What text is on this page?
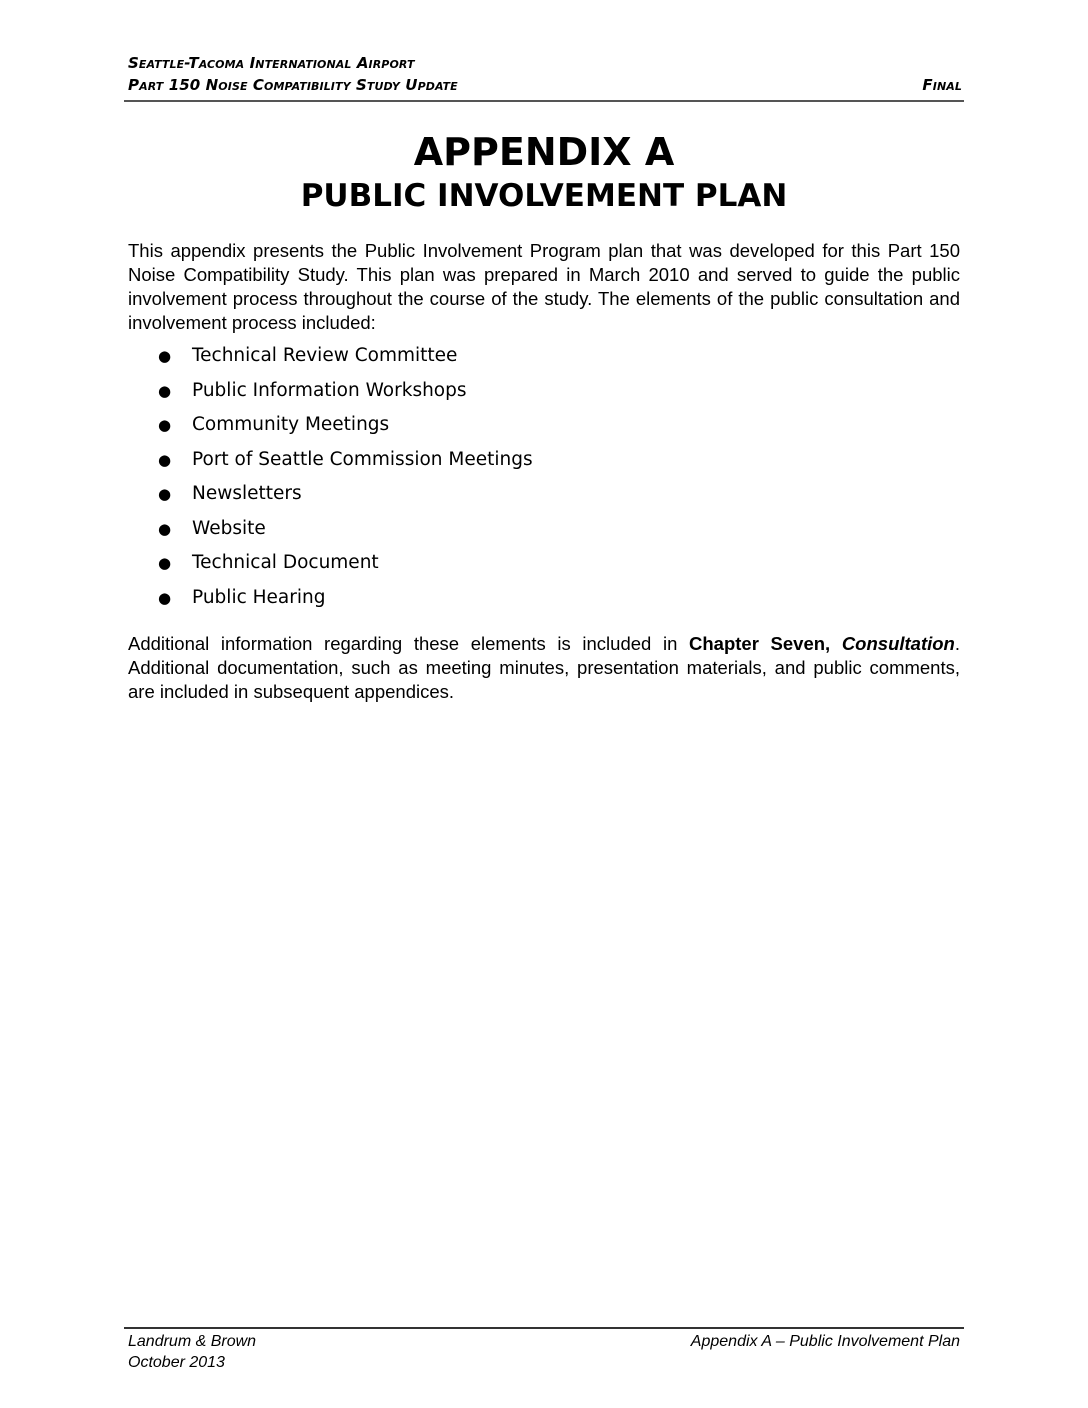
Seattle-Tacoma International Airport
Part 150 Noise Compatibility Study Update	Final
APPENDIX A
PUBLIC INVOLVEMENT PLAN
This appendix presents the Public Involvement Program plan that was developed for this Part 150 Noise Compatibility Study. This plan was prepared in March 2010 and served to guide the public involvement process throughout the course of the study. The elements of the public consultation and involvement process included:
●	Technical Review Committee
●	Public Information Workshops
●	Community Meetings
●	Port of Seattle Commission Meetings
●	Newsletters
●	Website
●	Technical Document
●	Public Hearing
Additional information regarding these elements is included in Chapter Seven, Consultation. Additional documentation, such as meeting minutes, presentation materials, and public comments, are included in subsequent appendices.
Landrum & Brown	Appendix A – Public Involvement Plan
October 2013
